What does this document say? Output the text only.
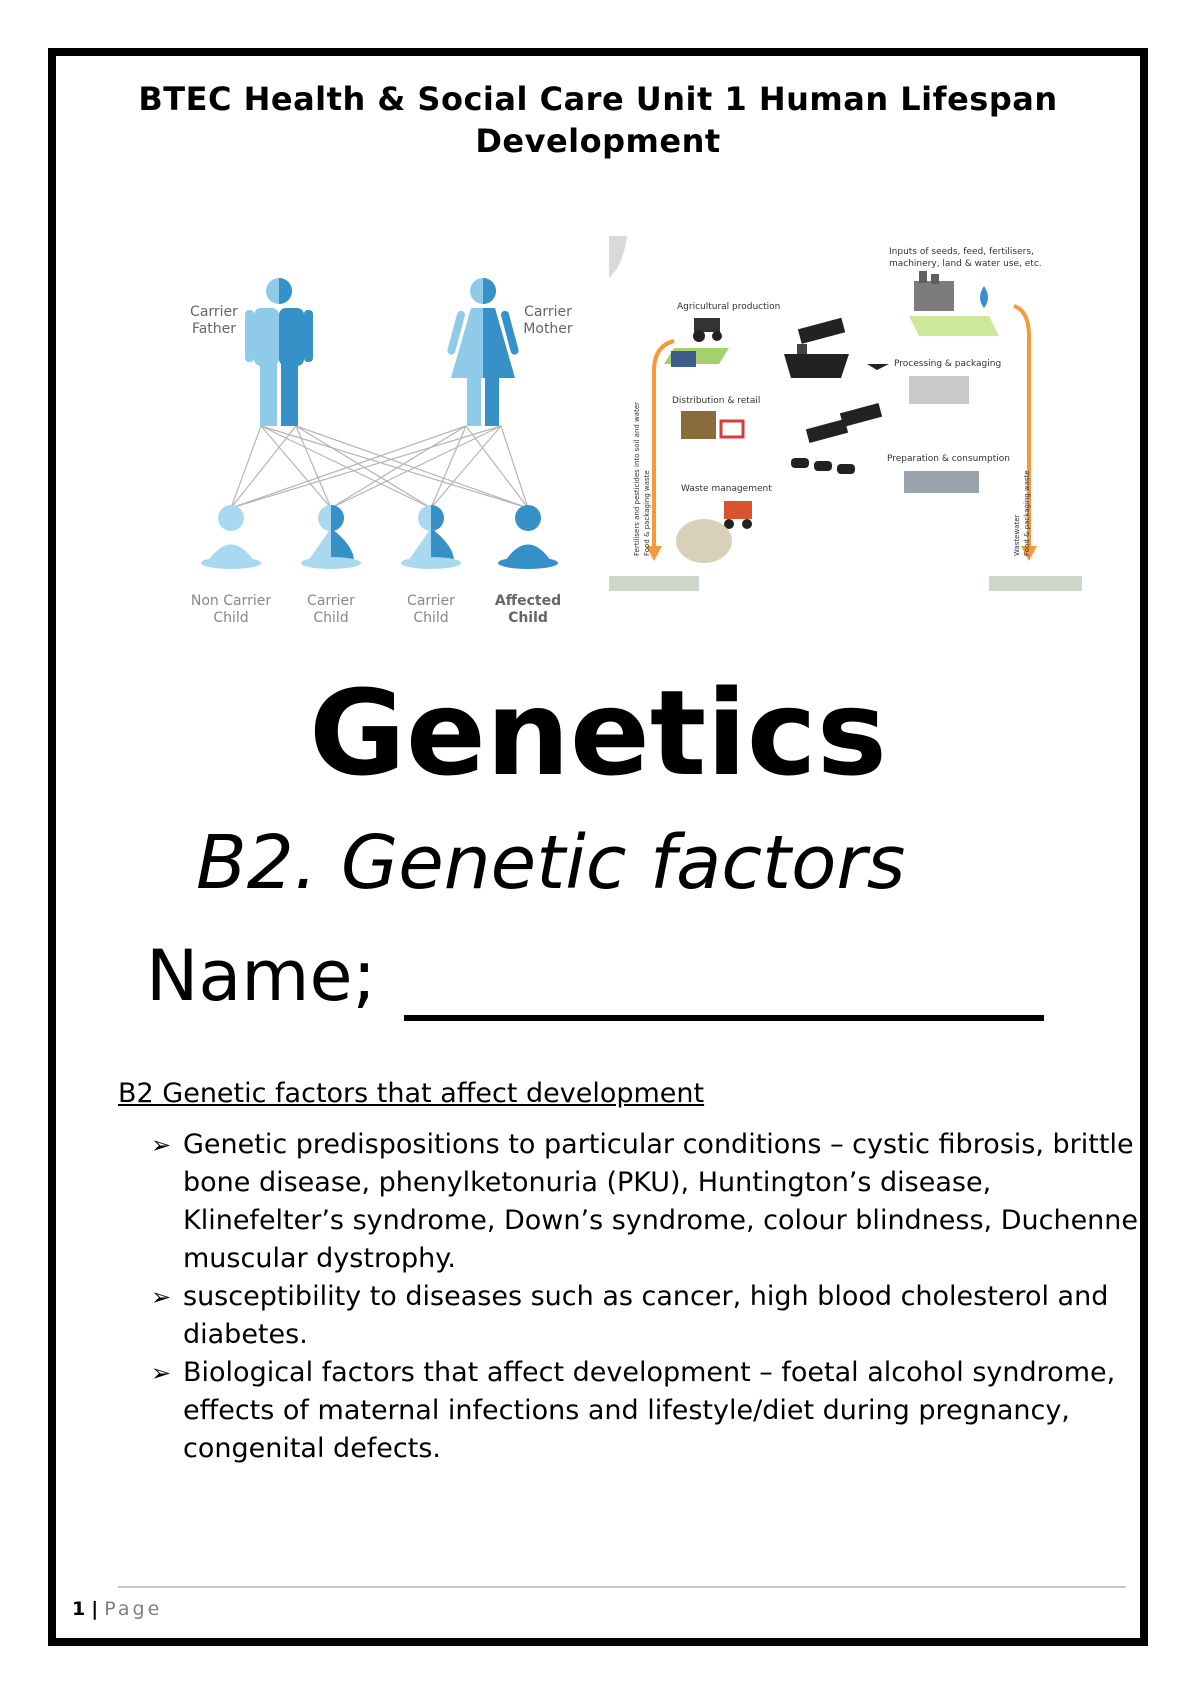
BTEC Health & Social Care Unit 1 Human Lifespan
Development
Carrier
Father
Carrier
Mother
Non Carrier
Child
Carrier
Child
Carrier
Child
Affected
Child
Inputs of seeds, feed, fertilisers,
machinery, land & water use, etc.
Agricultural production
Processing & packaging
Distribution & retail
Preparation & consumption
Waste management
Fertilisers and pesticides into soil and water Food & packaging waste	Wastewater Food & packaging waste
Genetics
B2. Genetic factors
Name;
B2 Genetic factors that affect development
➢ Genetic predispositions to particular conditions – cystic fibrosis, brittle bone disease, phenylketonuria (PKU), Huntington’s disease, Klinefelter’s syndrome, Down’s syndrome, colour blindness, Duchenne muscular dystrophy.
➢ susceptibility to diseases such as cancer, high blood cholesterol and diabetes.
➢ Biological factors that affect development – foetal alcohol syndrome, effects of maternal infections and lifestyle/diet during pregnancy, congenital defects.
1 | Page
